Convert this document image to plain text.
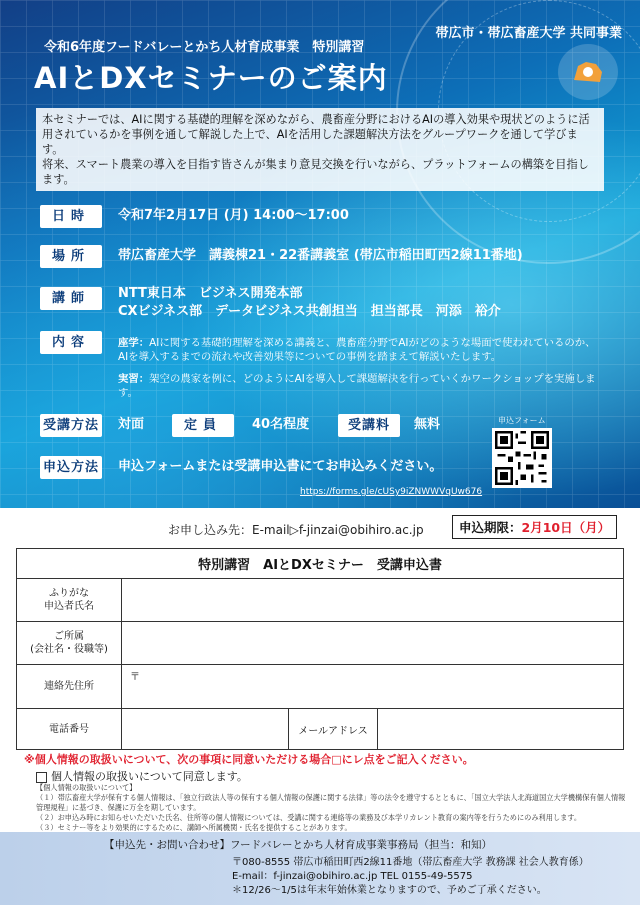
帯広市・帯広畜産大学 共同事業
令和6年度フードバレーとかち人材育成事業　特別講習
AIとDXセミナーのご案内

本セミナーでは、AIに関する基礎的理解を深めながら、農畜産分野におけるAIの導入効果や現状どのように活用されているかを事例を通して解説した上で、AIを活用した課題解決方法をグループワークを通して学びます。

将来、スマート農業の導入を目指す皆さんが集まり意見交換を行いながら、プラットフォームの構築を目指します。

日時	令和7年2月17日 (月) 14:00～17:00
場所	帯広畜産大学　講義棟21・22番講義室 (帯広市稲田町西2線11番地)
講師	NTT東日本　ビジネス開発本部
CXビジネス部　データビジネス共創担当　担当部長　河添　裕介
内容	座学：AIに関する基礎的理解を深める講義と、農畜産分野でAIがどのような場面で使われているのか、AIを導入するまでの流れや改善効果等についての事例を踏まえて解説いたします。
実習：架空の農家を例に、どのようにAIを導入して課題解決を行っていくかワークショップを実施します。
受講方法 対面	定員	40名程度	受講料	無料
申込方法 申込フォームまたは受講申込書にてお申込みください。
申込フォーム
https://forms.gle/cUSy9iZNWWVqUw676
お申し込み先：E-mail▷f-jinzai@obihiro.ac.jp	申込期限：2月10日（月）
特別講習　AIとDXセミナー　受講申込書			

ふりがな
申込者氏名			

ご所属
(会社名・役職等)			

連絡先住所	〒		
電話番号		メールアドレス	
※個人情報の取扱いについて、次の事項に同意いただける場合□にレ点をご記入ください。
個人情報の取扱いについて同意します。

【個人情報の取扱いについて】

（１）帯広畜産大学が保有する個人情報は、「独立行政法人等の保有する個人情報の保護に関する法律」等の法令を遵守するとともに、「国立大学法人北海道国立大学機構保有個人情報管理規程」に基づき、保護に万全を期しています。

（２）お申込み時にお知らせいただいた氏名、住所等の個人情報については、受講に関する連絡等の業務及び本学リカレント教育の案内等を行うためにのみ利用します。

（３）セミナー等をより効果的にするために、講師へ所属機関・氏名を提供することがあります。

【申込先・お問い合わせ】フードバレーとかち人材育成事業事務局（担当：和知）
〒080-8555 帯広市稲田町西2線11番地（帯広畜産大学 教務課 社会人教育係）
E-mail：f-jinzai@obihiro.ac.jp TEL 0155-49-5575
＊12/26～1/5は年末年始休業となりますので、予めご了承ください。
